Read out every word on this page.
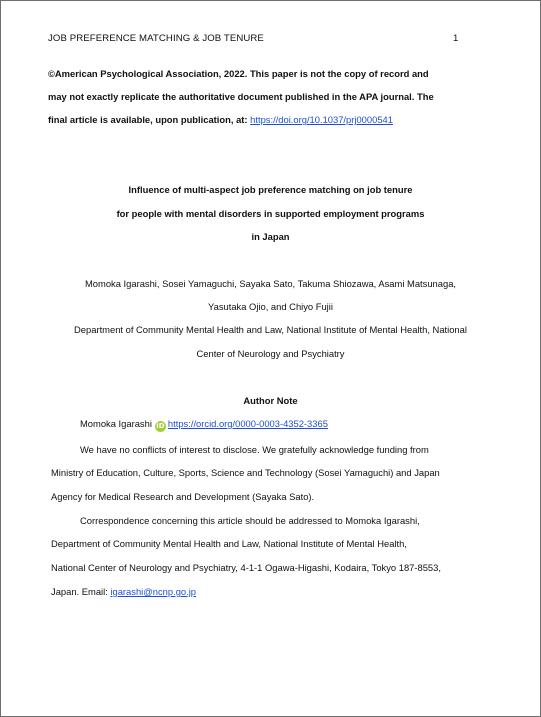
JOB PREFERENCE MATCHING & JOB TENURE	1
©American Psychological Association, 2022. This paper is not the copy of record and
may not exactly replicate the authoritative document published in the APA journal. The
final article is available, upon publication, at: https://doi.org/10.1037/prj0000541
Influence of multi-aspect job preference matching on job tenure
for people with mental disorders in supported employment programs
in Japan
Momoka Igarashi, Sosei Yamaguchi, Sayaka Sato, Takuma Shiozawa, Asami Matsunaga,
Yasutaka Ojio, and Chiyo Fujii
Department of Community Mental Health and Law, National Institute of Mental Health, National
Center of Neurology and Psychiatry
Author Note
Momoka Igarashi iD https://orcid.org/0000-0003-4352-3365
We have no conflicts of interest to disclose. We gratefully acknowledge funding from
Ministry of Education, Culture, Sports, Science and Technology (Sosei Yamaguchi) and Japan
Agency for Medical Research and Development (Sayaka Sato).
Correspondence concerning this article should be addressed to Momoka Igarashi,
Department of Community Mental Health and Law, National Institute of Mental Health,
National Center of Neurology and Psychiatry, 4-1-1 Ogawa-Higashi, Kodaira, Tokyo 187-8553,
Japan. Email: igarashi@ncnp.go.jp
